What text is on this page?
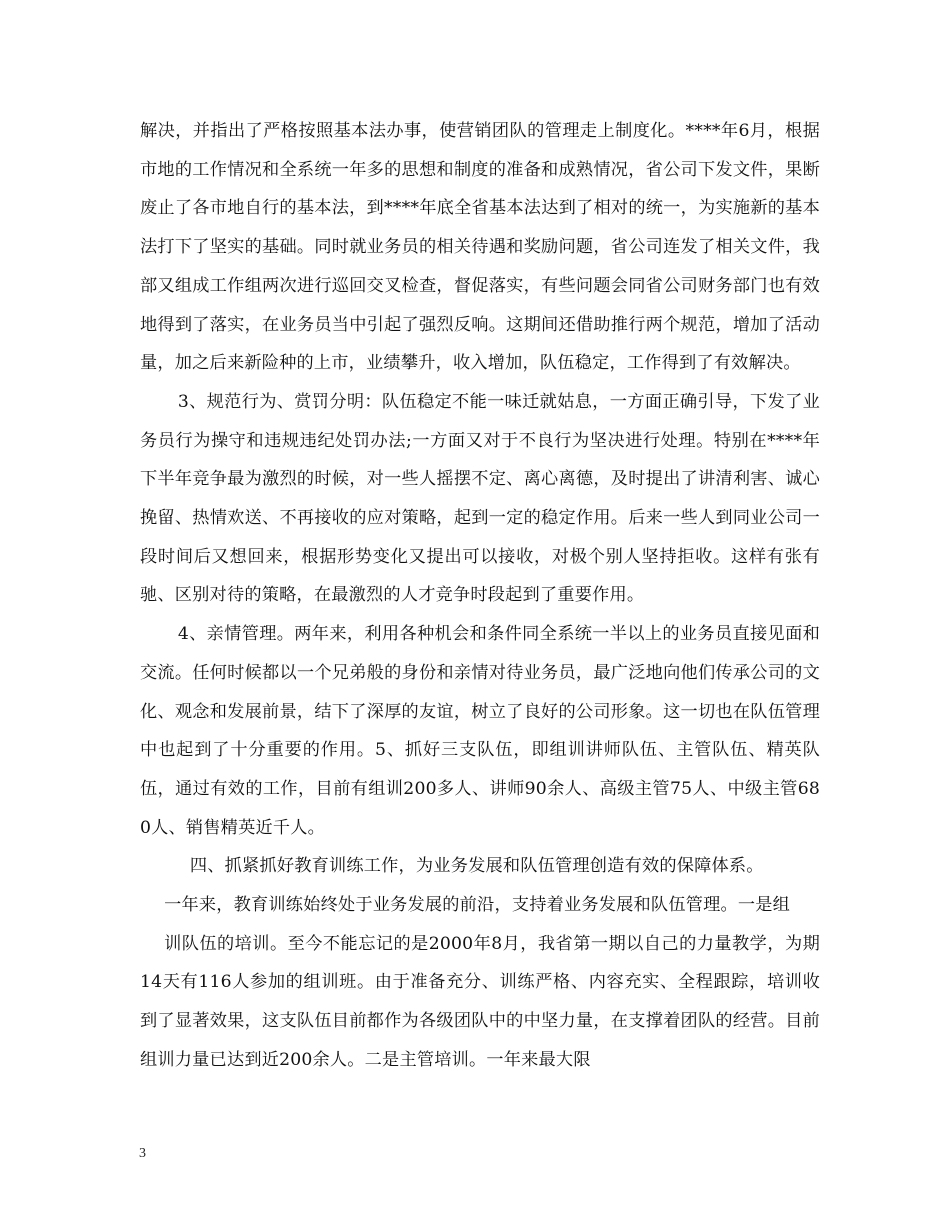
解决，并指出了严格按照基本法办事，使营销团队的管理走上制度化。****年6月，根据市地的工作情况和全系统一年多的思想和制度的准备和成熟情况，省公司下发文件，果断废止了各市地自行的基本法，到****年底全省基本法达到了相对的统一，为实施新的基本法打下了坚实的基础。同时就业务员的相关待遇和奖励问题，省公司连发了相关文件，我部又组成工作组两次进行巡回交叉检查，督促落实，有些问题会同省公司财务部门也有效地得到了落实，在业务员当中引起了强烈反响。这期间还借助推行两个规范，增加了活动量，加之后来新险种的上市，业绩攀升，收入增加，队伍稳定，工作得到了有效解决。

3、规范行为、赏罚分明：队伍稳定不能一味迁就姑息，一方面正确引导，下发了业务员行为操守和违规违纪处罚办法;一方面又对于不良行为坚决进行处理。特别在****年下半年竞争最为激烈的时候，对一些人摇摆不定、离心离德，及时提出了讲清利害、诚心挽留、热情欢送、不再接收的应对策略，起到一定的稳定作用。后来一些人到同业公司一段时间后又想回来，根据形势变化又提出可以接收，对极个别人坚持拒收。这样有张有驰、区别对待的策略，在最激烈的人才竞争时段起到了重要作用。

4、亲情管理。两年来，利用各种机会和条件同全系统一半以上的业务员直接见面和交流。任何时候都以一个兄弟般的身份和亲情对待业务员，最广泛地向他们传承公司的文化、观念和发展前景，结下了深厚的友谊，树立了良好的公司形象。这一切也在队伍管理中也起到了十分重要的作用。5、抓好三支队伍，即组训讲师队伍、主管队伍、精英队伍，通过有效的工作，目前有组训200多人、讲师90余人、高级主管75人、中级主管680人、销售精英近千人。

四、抓紧抓好教育训练工作，为业务发展和队伍管理创造有效的保障体系。

一年来，教育训练始终处于业务发展的前沿，支持着业务发展和队伍管理。一是组

训队伍的培训。至今不能忘记的是2000年8月，我省第一期以自己的力量教学，为期14天有116人参加的组训班。由于准备充分、训练严格、内容充实、全程跟踪，培训收到了显著效果，这支队伍目前都作为各级团队中的中坚力量，在支撑着团队的经营。目前组训力量已达到近200余人。二是主管培训。一年来最大限

3
